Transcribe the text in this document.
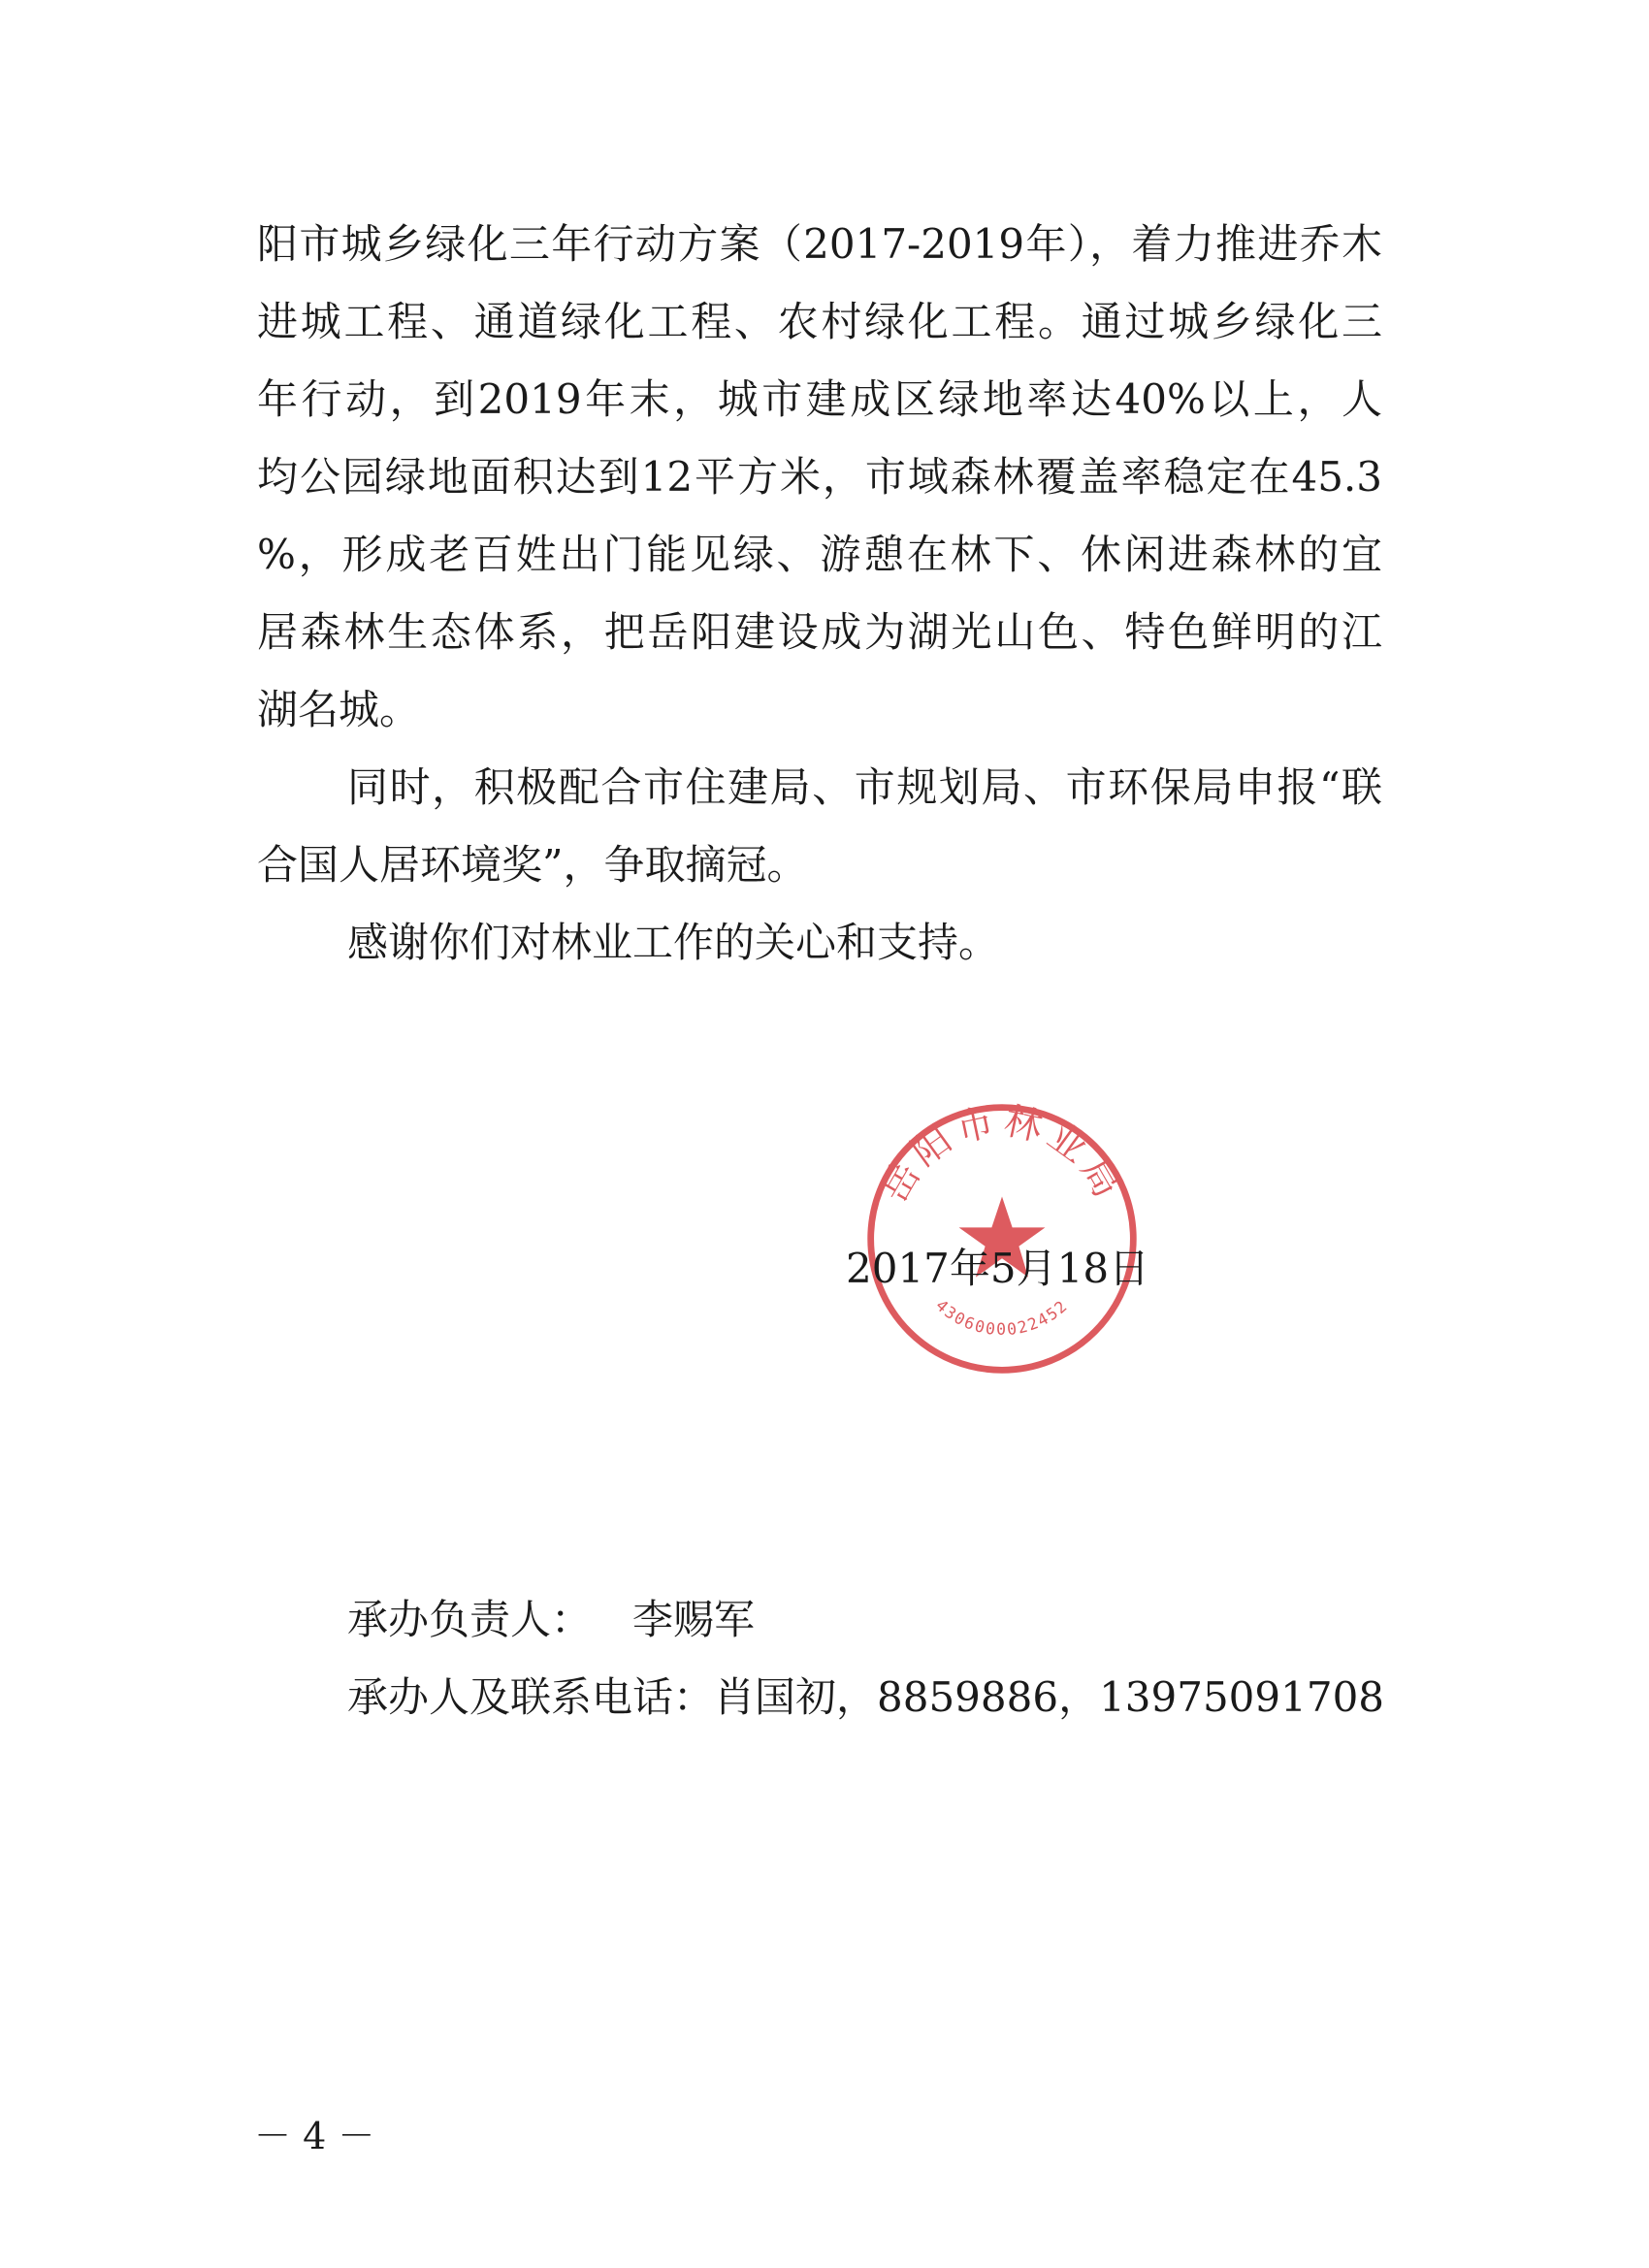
阳市城乡绿化三年行动方案（2017-2019年），着力推进乔木
进城工程、通道绿化工程、农村绿化工程。通过城乡绿化三
年行动，到2019年末，城市建成区绿地率达40%以上，人
均公园绿地面积达到12平方米，市域森林覆盖率稳定在45.3
%，形成老百姓出门能见绿、游憩在林下、休闲进森林的宜
居森林生态体系，把岳阳建设成为湖光山色、特色鲜明的江
湖名城。
同时，积极配合市住建局、市规划局、市环保局申报“联
合国人居环境奖”，争取摘冠。
感谢你们对林业工作的关心和支持。
2017年5月18日
岳阳市林业局
4306000022452
承办负责人： 李赐军
承办人及联系电话：肖国初，8859886，13975091708
－ 4 －
